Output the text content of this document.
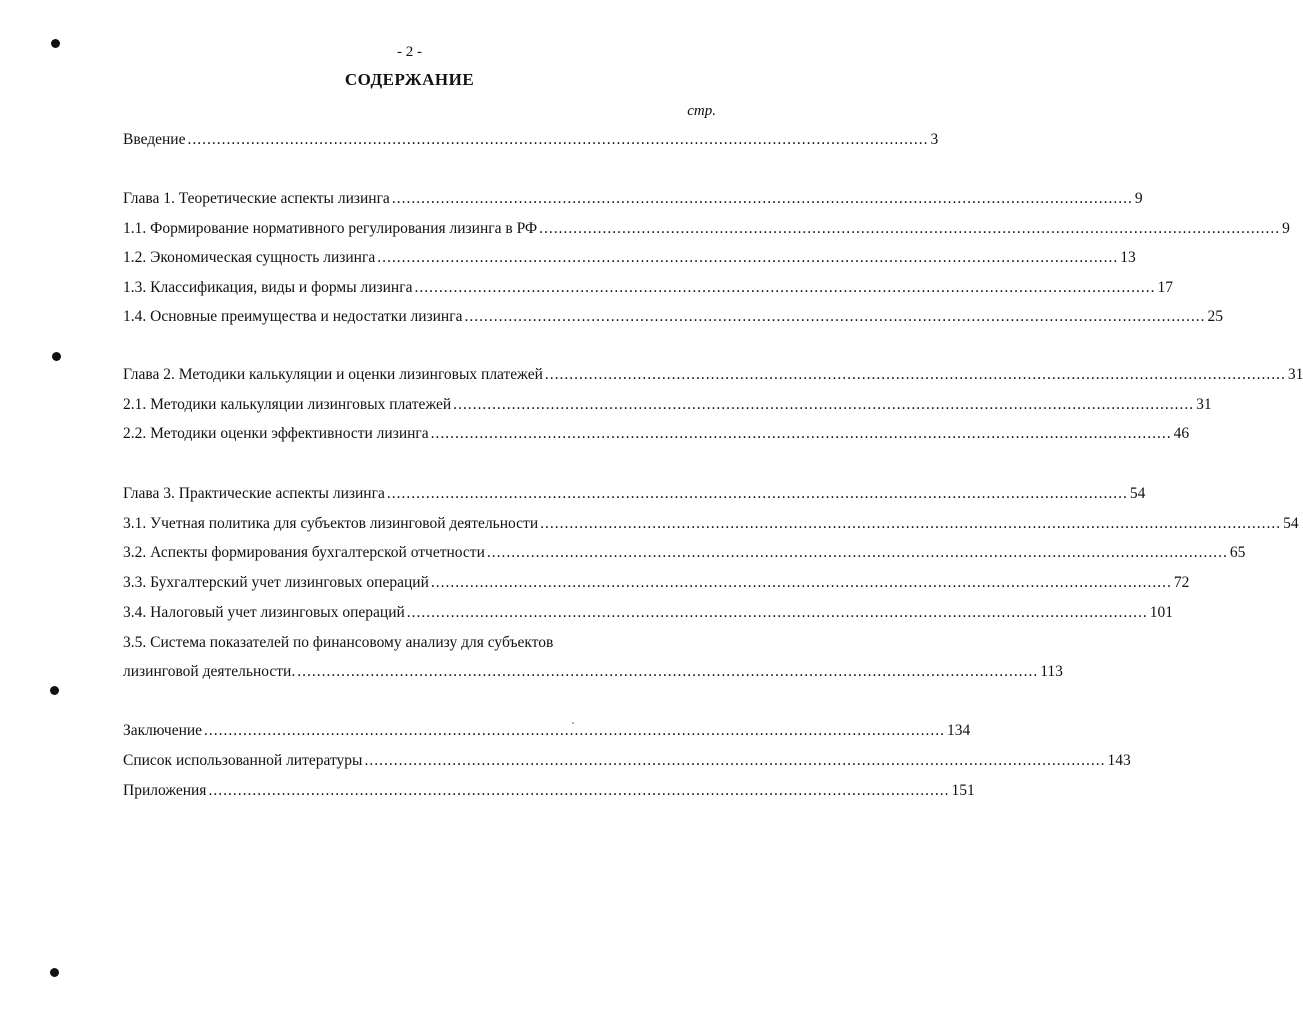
- 2 -
СОДЕРЖАНИЕ
стр.
Введение ........................................................................................................................................................ 3
Глава 1. Теоретические аспекты лизинга ........................................................................................................................................................ 9
1.1. Формирование нормативного регулирования лизинга в РФ ........................................................................................................................................................ 9
1.2. Экономическая сущность лизинга ........................................................................................................................................................ 13
1.3. Классификация, виды и формы лизинга ........................................................................................................................................................ 17
1.4. Основные преимущества и недостатки лизинга ........................................................................................................................................................ 25
Глава 2. Методики калькуляции и оценки лизинговых платежей ........................................................................................................................................................ 31
2.1. Методики калькуляции лизинговых платежей ........................................................................................................................................................ 31
2.2. Методики оценки эффективности лизинга ........................................................................................................................................................ 46
Глава 3. Практические аспекты лизинга ........................................................................................................................................................ 54
3.1. Учетная политика для субъектов лизинговой деятельности ........................................................................................................................................................ 54
3.2. Аспекты формирования бухгалтерской отчетности ........................................................................................................................................................ 65
3.3. Бухгалтерский учет лизинговых операций ........................................................................................................................................................ 72
3.4. Налоговый учет лизинговых операций ........................................................................................................................................................ 101
3.5. Система показателей по финансовому анализу для субъектов
лизинговой деятельности. ........................................................................................................................................................ 113
Заключение ........................................................................................................................................................ 134
Список использованной литературы ........................................................................................................................................................ 143
Приложения ........................................................................................................................................................ 151
